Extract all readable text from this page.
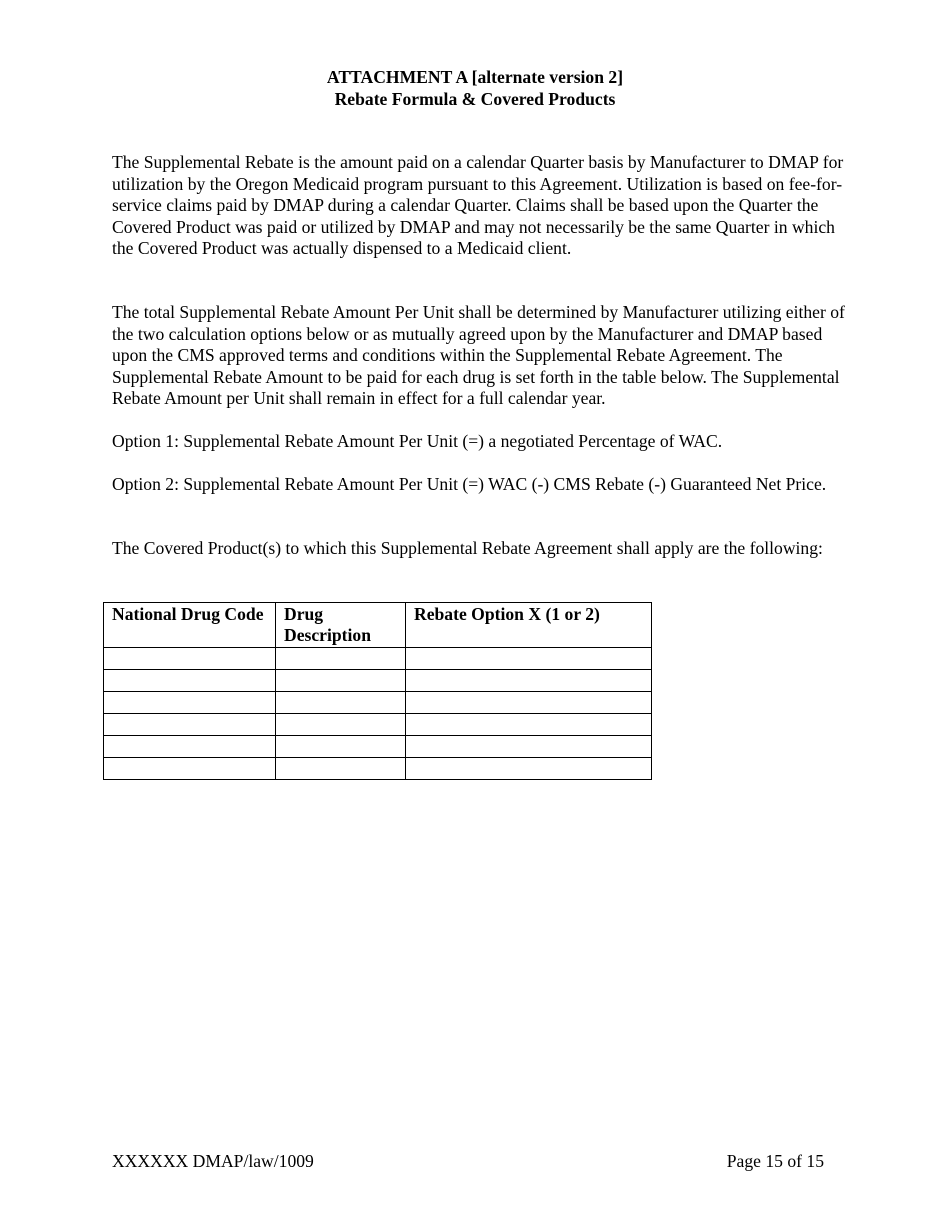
ATTACHMENT A [alternate version 2]
Rebate Formula & Covered Products

The Supplemental Rebate is the amount paid on a calendar Quarter basis by Manufacturer to DMAP for utilization by the Oregon Medicaid program pursuant to this Agreement. Utilization is based on fee-for-service claims paid by DMAP during a calendar Quarter. Claims shall be based upon the Quarter the Covered Product was paid or utilized by DMAP and may not necessarily be the same Quarter in which the Covered Product was actually dispensed to a Medicaid client.

The total Supplemental Rebate Amount Per Unit shall be determined by Manufacturer utilizing either of the two calculation options below or as mutually agreed upon by the Manufacturer and DMAP based upon the CMS approved terms and conditions within the Supplemental Rebate Agreement. The Supplemental Rebate Amount to be paid for each drug is set forth in the table below. The Supplemental Rebate Amount per Unit shall remain in effect for a full calendar year.

Option 1: Supplemental Rebate Amount Per Unit (=) a negotiated Percentage of WAC.

Option 2: Supplemental Rebate Amount Per Unit (=) WAC (-) CMS Rebate (-) Guaranteed Net Price.

The Covered Product(s) to which this Supplemental Rebate Agreement shall apply are the following:

National Drug Code	Drug Description	Rebate Option X (1 or 2)

XXXXXX DMAP/law/1009	Page 15 of 15
